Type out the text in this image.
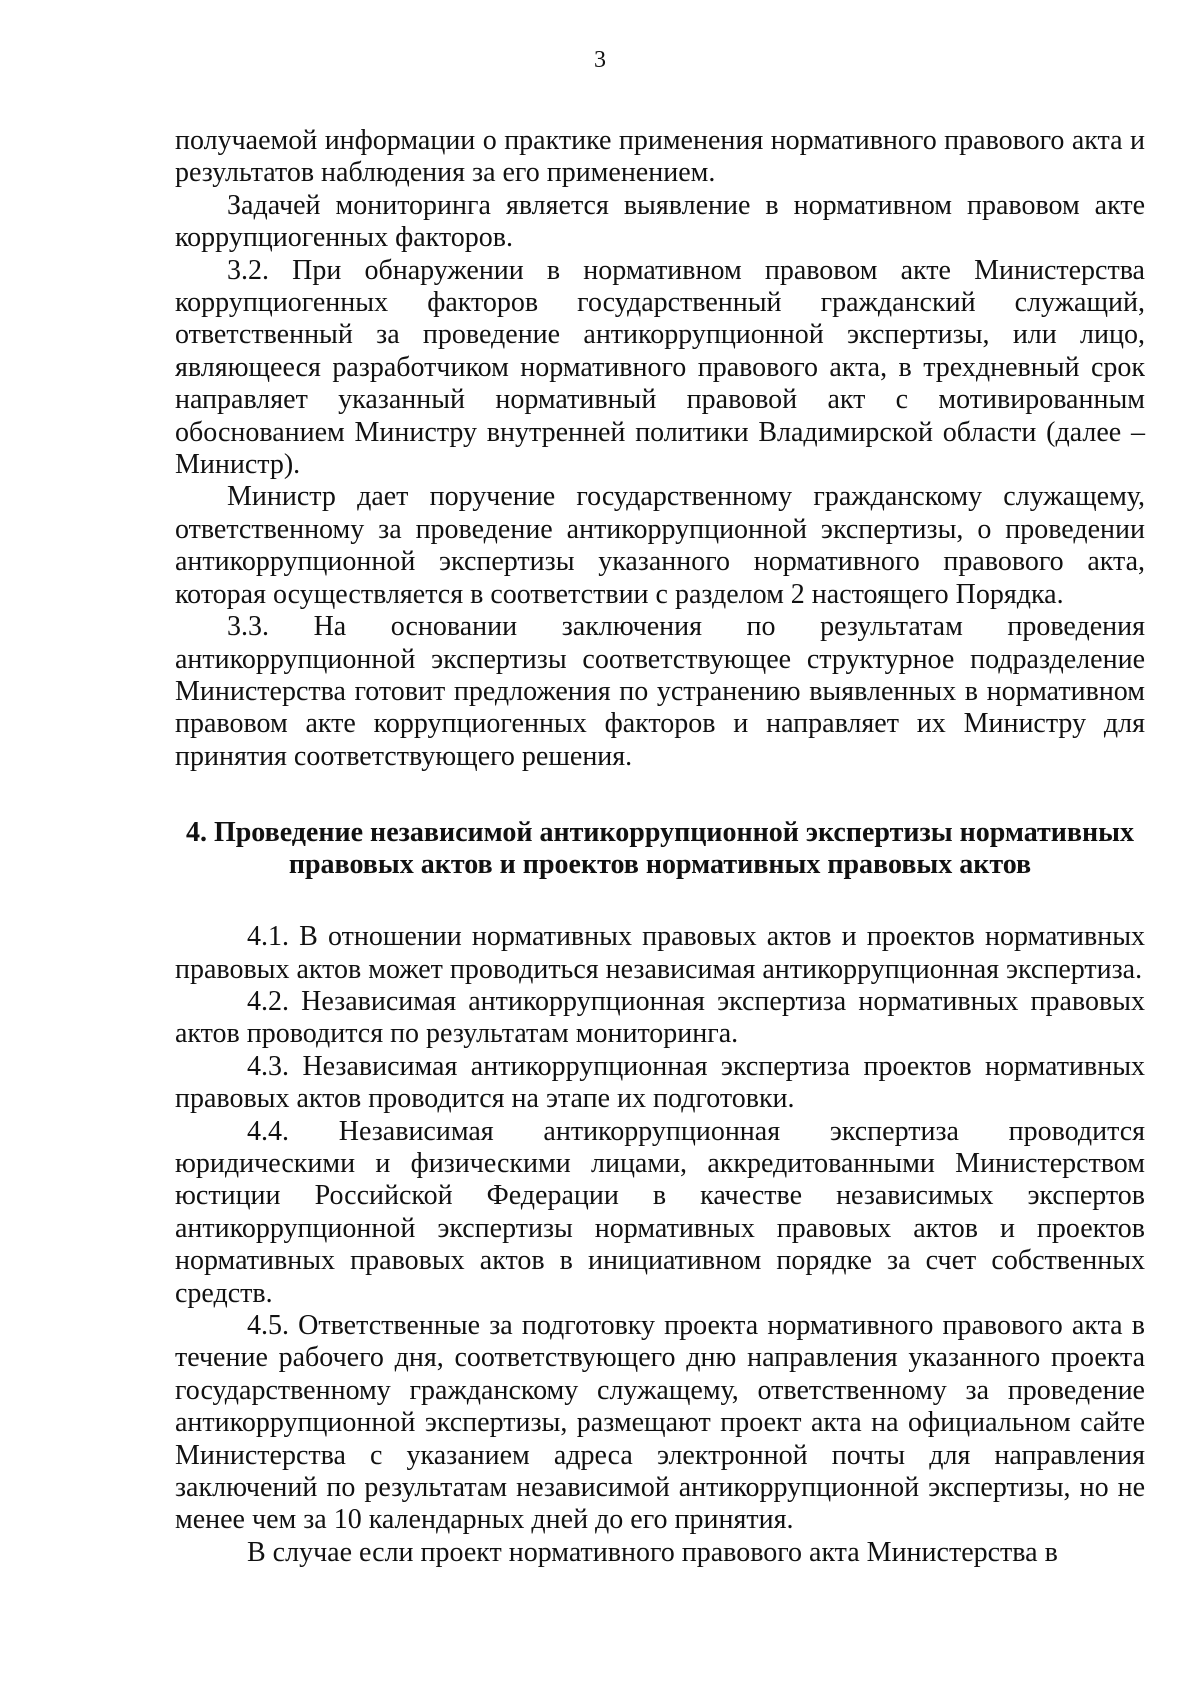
3

получаемой информации о практике применения нормативного правового акта и результатов наблюдения за его применением.

Задачей мониторинга является выявление в нормативном правовом акте коррупциогенных факторов.

3.2. При обнаружении в нормативном правовом акте Министерства коррупциогенных факторов государственный гражданский служащий, ответственный за проведение антикоррупционной экспертизы, или лицо, являющееся разработчиком нормативного правового акта, в трехдневный срок направляет указанный нормативный правовой акт с мотивированным обоснованием Министру внутренней политики Владимирской области (далее – Министр).

Министр дает поручение государственному гражданскому служащему, ответственному за проведение антикоррупционной экспертизы, о проведении антикоррупционной экспертизы указанного нормативного правового акта, которая осуществляется в соответствии с разделом 2 настоящего Порядка.

3.3. На основании заключения по результатам проведения антикоррупционной экспертизы соответствующее структурное подразделение Министерства готовит предложения по устранению выявленных в нормативном правовом акте коррупциогенных факторов и направляет их Министру для принятия соответствующего решения.

4. Проведение независимой антикоррупционной экспертизы нормативных
правовых актов и проектов нормативных правовых актов

4.1. В отношении нормативных правовых актов и проектов нормативных правовых актов может проводиться независимая антикоррупционная экспертиза.

4.2. Независимая антикоррупционная экспертиза нормативных правовых актов проводится по результатам мониторинга.

4.3. Независимая антикоррупционная экспертиза проектов нормативных правовых актов проводится на этапе их подготовки.

4.4. Независимая антикоррупционная экспертиза проводится юридическими и физическими лицами, аккредитованными Министерством юстиции Российской Федерации в качестве независимых экспертов антикоррупционной экспертизы нормативных правовых актов и проектов нормативных правовых актов в инициативном порядке за счет собственных средств.

4.5. Ответственные за подготовку проекта нормативного правового акта в течение рабочего дня, соответствующего дню направления указанного проекта государственному гражданскому служащему, ответственному за проведение антикоррупционной экспертизы, размещают проект акта на официальном сайте Министерства с указанием адреса электронной почты для направления заключений по результатам независимой антикоррупционной экспертизы, но не менее чем за 10 календарных дней до его принятия.

В случае если проект нормативного правового акта Министерства в
